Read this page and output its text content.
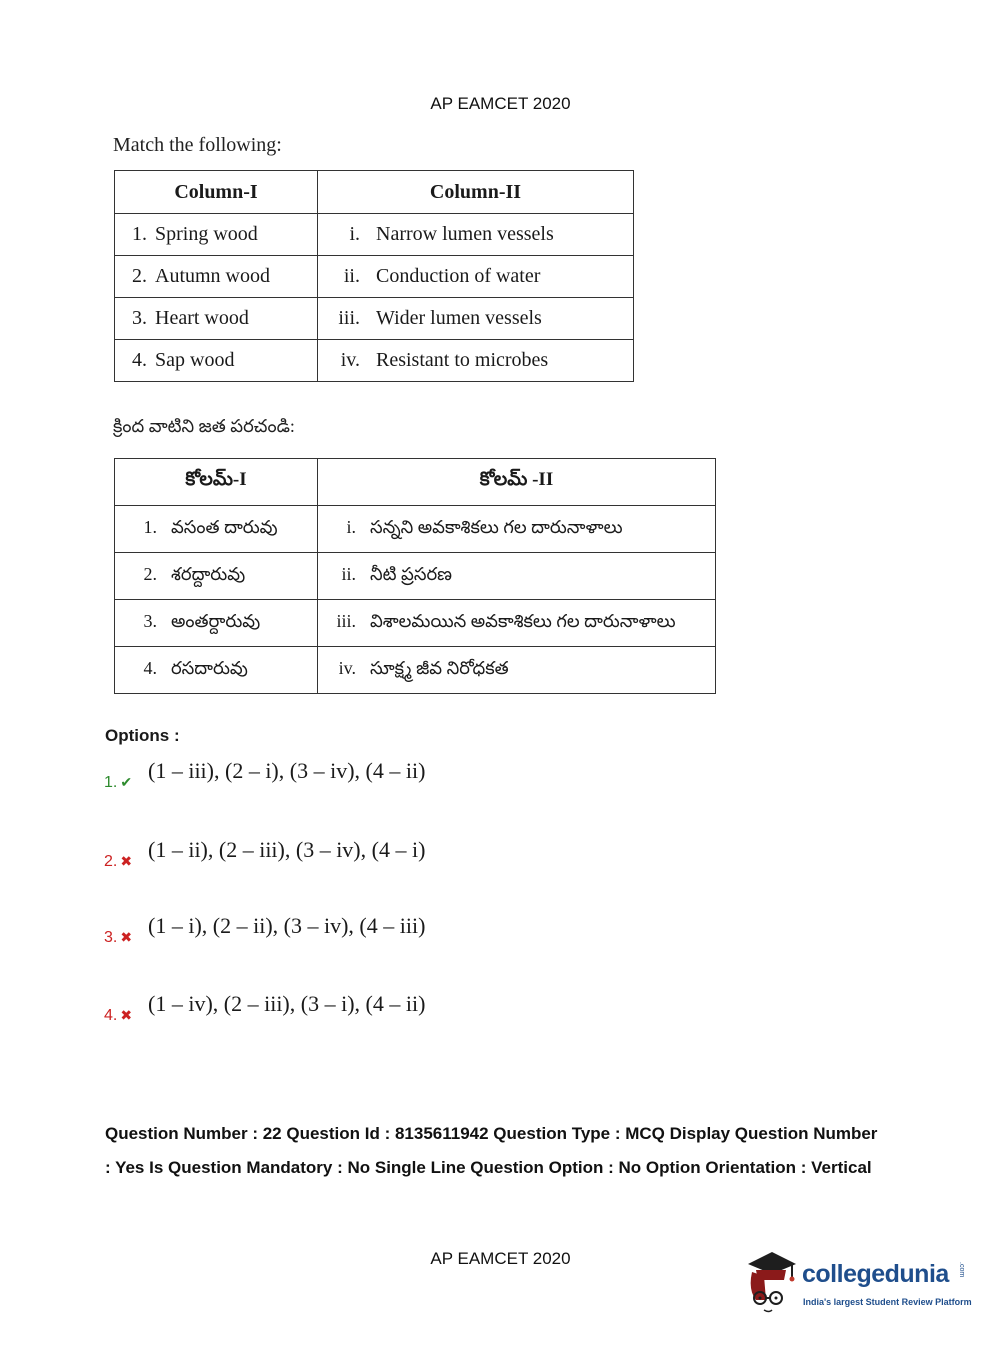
AP EAMCET 2020
Match the following:
Column-I	Column-II
1. Spring wood	i. Narrow lumen vessels
2. Autumn wood	ii. Conduction of water
3. Heart wood	iii. Wider lumen vessels
4. Sap wood	iv. Resistant to microbes
క్రింద వాటిని జత పరచండి:
కోలమ్-I	కోలమ్ -II
1. వసంత దారువు	i. సన్నని అవకాశికలు గల దారునాళాలు
2. శరద్దారువు	ii. నీటి ప్రసరణ
3. అంతర్దారువు	iii. విశాలమయిన అవకాశికలు గల దారునాళాలు
4. రసదారువు	iv. సూక్ష్మ జీవ నిరోధకత
Options :
1. ✔ (1 – iii), (2 – i), (3 – iv), (4 – ii)
2. ✖ (1 – ii), (2 – iii), (3 – iv), (4 – i)
3. ✖ (1 – i), (2 – ii), (3 – iv), (4 – iii)
4. ✖ (1 – iv), (2 – iii), (3 – i), (4 – ii)
Question Number : 22 Question Id : 8135611942 Question Type : MCQ Display Question Number : Yes Is Question Mandatory : No Single Line Question Option : No Option Orientation : Vertical
AP EAMCET 2020
collegedunia .com
India's largest Student Review Platform
